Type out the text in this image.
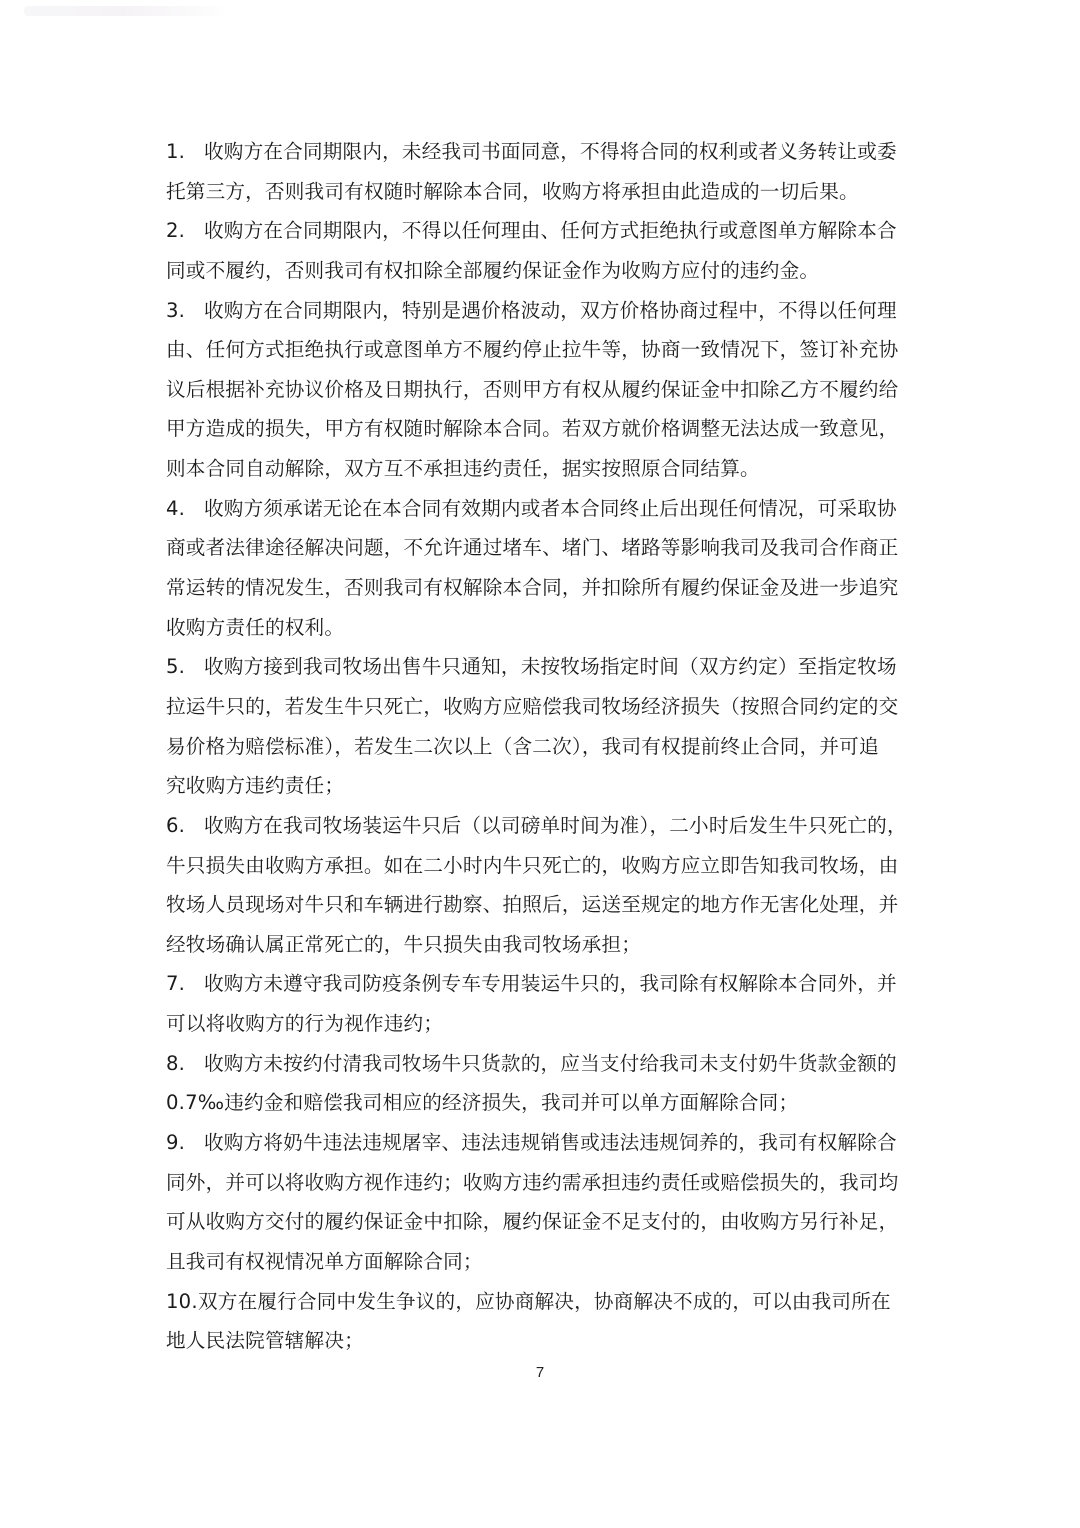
1. 收购方在合同期限内，未经我司书面同意，不得将合同的权利或者义务转让或委
托第三方，否则我司有权随时解除本合同，收购方将承担由此造成的一切后果。
2. 收购方在合同期限内，不得以任何理由、任何方式拒绝执行或意图单方解除本合
同或不履约，否则我司有权扣除全部履约保证金作为收购方应付的违约金。
3. 收购方在合同期限内，特别是遇价格波动，双方价格协商过程中，不得以任何理
由、任何方式拒绝执行或意图单方不履约停止拉牛等，协商一致情况下，签订补充协
议后根据补充协议价格及日期执行，否则甲方有权从履约保证金中扣除乙方不履约给
甲方造成的损失，甲方有权随时解除本合同。若双方就价格调整无法达成一致意见，
则本合同自动解除，双方互不承担违约责任，据实按照原合同结算。
4. 收购方须承诺无论在本合同有效期内或者本合同终止后出现任何情况，可采取协
商或者法律途径解决问题，不允许通过堵车、堵门、堵路等影响我司及我司合作商正
常运转的情况发生，否则我司有权解除本合同，并扣除所有履约保证金及进一步追究
收购方责任的权利。
5. 收购方接到我司牧场出售牛只通知，未按牧场指定时间（双方约定）至指定牧场
拉运牛只的，若发生牛只死亡，收购方应赔偿我司牧场经济损失（按照合同约定的交
易价格为赔偿标准），若发生二次以上（含二次），我司有权提前终止合同，并可追
究收购方违约责任；
6. 收购方在我司牧场装运牛只后（以司磅单时间为准），二小时后发生牛只死亡的，
牛只损失由收购方承担。如在二小时内牛只死亡的，收购方应立即告知我司牧场，由
牧场人员现场对牛只和车辆进行勘察、拍照后，运送至规定的地方作无害化处理，并
经牧场确认属正常死亡的，牛只损失由我司牧场承担；
7. 收购方未遵守我司防疫条例专车专用装运牛只的，我司除有权解除本合同外，并
可以将收购方的行为视作违约；
8. 收购方未按约付清我司牧场牛只货款的，应当支付给我司未支付奶牛货款金额的
0.7‰违约金和赔偿我司相应的经济损失，我司并可以单方面解除合同；
9. 收购方将奶牛违法违规屠宰、违法违规销售或违法违规饲养的，我司有权解除合
同外，并可以将收购方视作违约；收购方违约需承担违约责任或赔偿损失的，我司均
可从收购方交付的履约保证金中扣除，履约保证金不足支付的，由收购方另行补足，
且我司有权视情况单方面解除合同；
10.双方在履行合同中发生争议的，应协商解决，协商解决不成的，可以由我司所在
地人民法院管辖解决；
7
